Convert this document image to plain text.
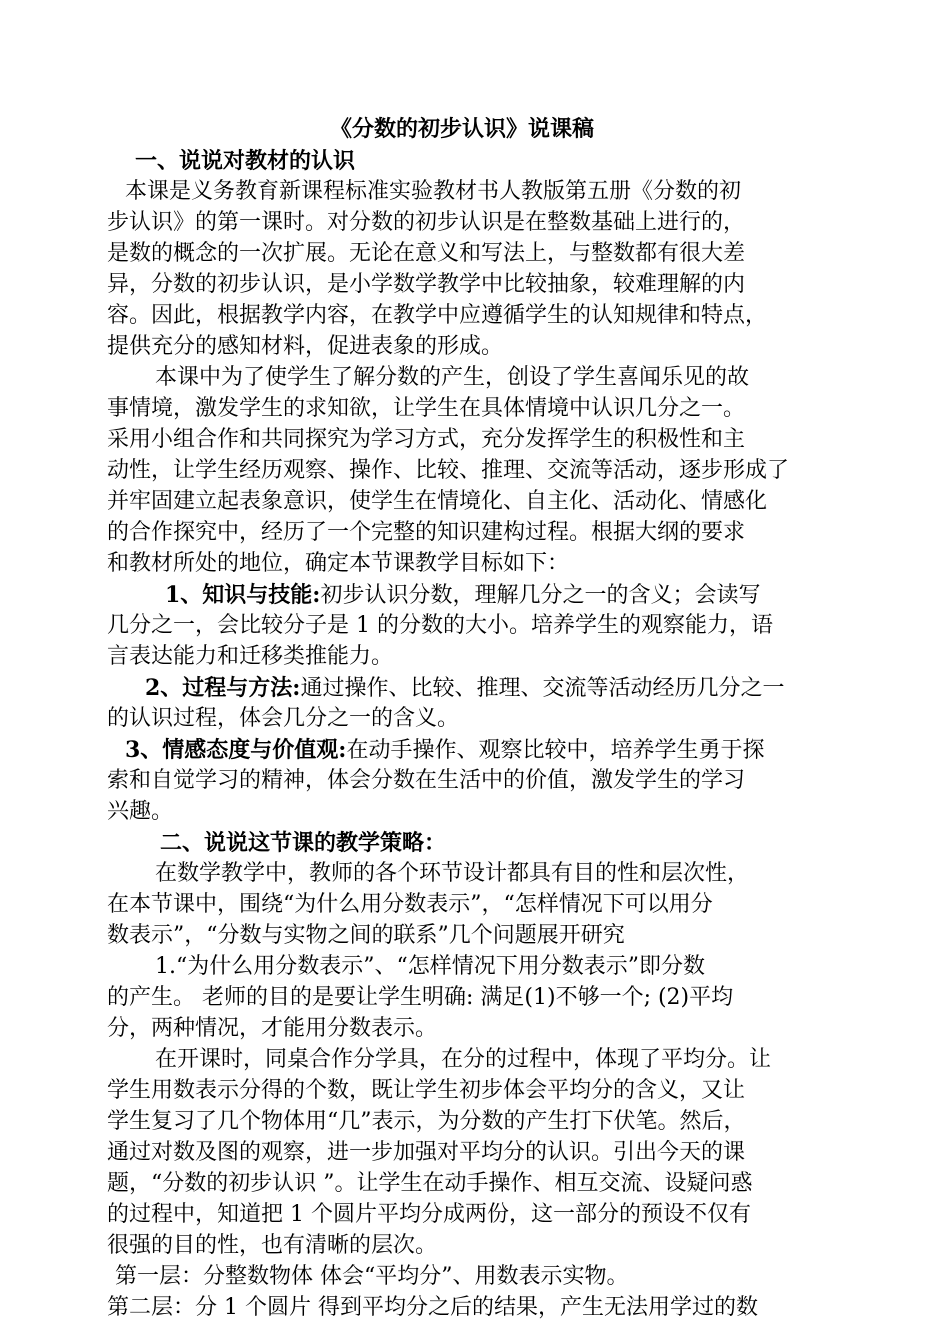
《分数的初步认识》说课稿
一、说说对教材的认识
本课是义务教育新课程标准实验教材书人教版第五册《分数的初
步认识》的第一课时。对分数的初步认识是在整数基础上进行的，
是数的概念的一次扩展。无论在意义和写法上，与整数都有很大差
异，分数的初步认识，是小学数学教学中比较抽象，较难理解的内
容。因此，根据教学内容，在教学中应遵循学生的认知规律和特点，
提供充分的感知材料，促进表象的形成。
本课中为了使学生了解分数的产生，创设了学生喜闻乐见的故
事情境，激发学生的求知欲，让学生在具体情境中认识几分之一。
采用小组合作和共同探究为学习方式，充分发挥学生的积极性和主
动性，让学生经历观察、操作、比较、推理、交流等活动，逐步形成了
并牢固建立起表象意识，使学生在情境化、自主化、活动化、情感化
的合作探究中，经历了一个完整的知识建构过程。根据大纲的要求
和教材所处的地位，确定本节课教学目标如下：
1、知识与技能:初步认识分数，理解几分之一的含义；会读写
几分之一，会比较分子是 1 的分数的大小。培养学生的观察能力，语
言表达能力和迁移类推能力。
2、过程与方法:通过操作、比较、推理、交流等活动经历几分之一
的认识过程，体会几分之一的含义。
3、情感态度与价值观:在动手操作、观察比较中，培养学生勇于探
索和自觉学习的精神，体会分数在生活中的价值，激发学生的学习
兴趣。
二、说说这节课的教学策略：
在数学教学中，教师的各个环节设计都具有目的性和层次性，
在本节课中，围绕“为什么用分数表示”，“怎样情况下可以用分
数表示”，“分数与实物之间的联系”几个问题展开研究
1.“为什么用分数表示”、“怎样情况下用分数表示”即分数
的产生。 老师的目的是要让学生明确: 满足(1)不够一个; (2)平均
分，两种情况，才能用分数表示。
在开课时，同桌合作分学具，在分的过程中，体现了平均分。让
学生用数表示分得的个数，既让学生初步体会平均分的含义，又让
学生复习了几个物体用“几”表示，为分数的产生打下伏笔。然后，
通过对数及图的观察，进一步加强对平均分的认识。引出今天的课
题，“分数的初步认识 ”。让学生在动手操作、相互交流、设疑问惑
的过程中，知道把 1 个圆片平均分成两份，这一部分的预设不仅有
很强的目的性，也有清晰的层次。
第一层：分整数物体 体会“平均分”、用数表示实物。
第二层：分 1 个圆片 得到平均分之后的结果，产生无法用学过的数
